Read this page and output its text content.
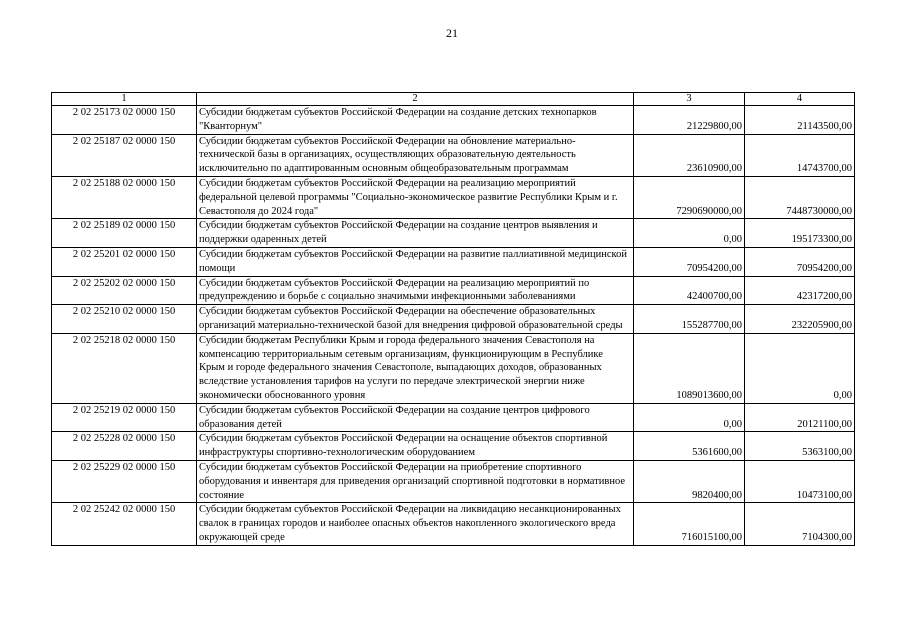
21
1	2	3	4
2 02 25173 02 0000 150	Субсидии бюджетам субъектов Российской Федерации на создание детских технопарков "Кванторнум"	21229800,00	21143500,00
2 02 25187 02 0000 150	Субсидии бюджетам субъектов Российской Федерации на обновление материально-технической базы в организациях, осуществляющих образовательную деятельность исключительно по адаптированным основным общеобразовательным программам	23610900,00	14743700,00
2 02 25188 02 0000 150	Субсидии бюджетам субъектов Российской Федерации на реализацию мероприятий федеральной целевой программы "Социально-экономическое развитие Республики Крым и г. Севастополя до 2024 года"	7290690000,00	7448730000,00
2 02 25189 02 0000 150	Субсидии бюджетам субъектов Российской Федерации на создание центров выявления и поддержки одаренных детей	0,00	195173300,00
2 02 25201 02 0000 150	Субсидии бюджетам субъектов Российской Федерации на развитие паллиативной медицинской помощи	70954200,00	70954200,00
2 02 25202 02 0000 150	Субсидии бюджетам субъектов Российской Федерации на реализацию мероприятий по предупреждению и борьбе с социально значимыми инфекционными заболеваниями	42400700,00	42317200,00
2 02 25210 02 0000 150	Субсидии бюджетам субъектов Российской Федерации на обеспечение образовательных организаций материально-технической базой для внедрения цифровой образовательной среды	155287700,00	232205900,00
2 02 25218 02 0000 150	Субсидии бюджетам Республики Крым и города федерального значения Севастополя на компенсацию территориальным сетевым организациям, функционирующим в Республике Крым и городе федерального значения Севастополе, выпадающих доходов, образованных вследствие установления тарифов на услуги по передаче электрической энергии ниже экономически обоснованного уровня	1089013600,00	0,00
2 02 25219 02 0000 150	Субсидии бюджетам субъектов Российской Федерации на создание центров цифрового образования детей	0,00	20121100,00
2 02 25228 02 0000 150	Субсидии бюджетам субъектов Российской Федерации на оснащение объектов спортивной инфраструктуры спортивно-технологическим оборудованием	5361600,00	5363100,00
2 02 25229 02 0000 150	Субсидии бюджетам субъектов Российской Федерации на приобретение спортивного оборудования и инвентаря для приведения организаций спортивной подготовки в нормативное состояние	9820400,00	10473100,00
2 02 25242 02 0000 150	Субсидии бюджетам субъектов Российской Федерации на ликвидацию несанкционированных свалок в границах городов и наиболее опасных объектов накопленного экологического вреда окружающей среде	716015100,00	7104300,00
